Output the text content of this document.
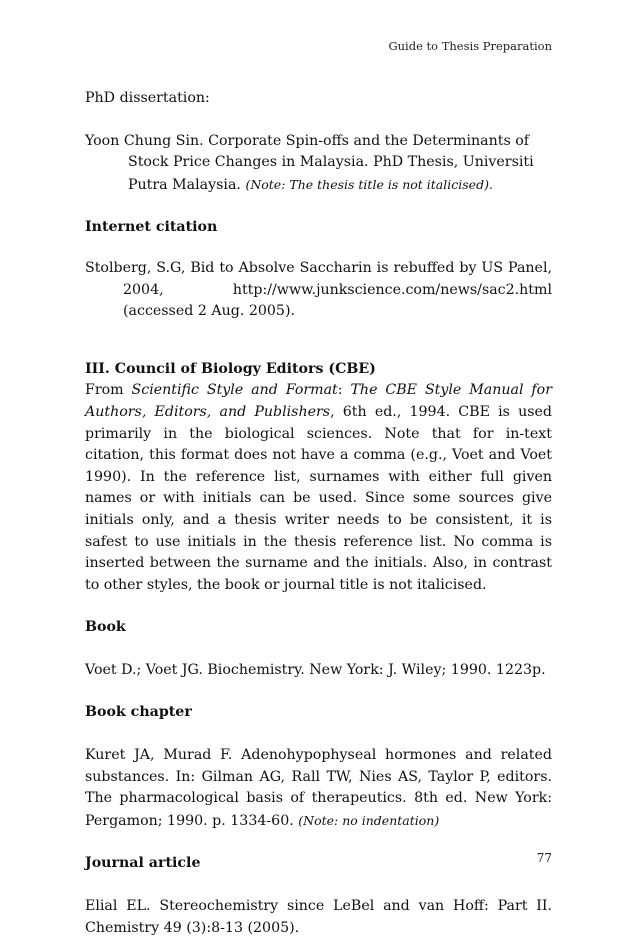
Guide to Thesis Preparation

PhD dissertation:

Yoon Chung Sin. Corporate Spin-offs and the Determinants of Stock Price Changes in Malaysia. PhD Thesis, Universiti Putra Malaysia. (Note: The thesis title is not italicised).

Internet citation

Stolberg, S.G, Bid to Absolve Saccharin is rebuffed by US Panel, 2004, http://www.junkscience.com/news/sac2.html (accessed 2 Aug. 2005).

III. Council of Biology Editors (CBE)

From Scientific Style and Format: The CBE Style Manual for Authors, Editors, and Publishers, 6th ed., 1994. CBE is used primarily in the biological sciences. Note that for in-text citation, this format does not have a comma (e.g., Voet and Voet 1990). In the reference list, surnames with either full given names or with initials can be used. Since some sources give initials only, and a thesis writer needs to be consistent, it is safest to use initials in the thesis reference list. No comma is inserted between the surname and the initials. Also, in contrast to other styles, the book or journal title is not italicised.

Book

Voet D.; Voet JG. Biochemistry. New York: J. Wiley; 1990. 1223p.

Book chapter

Kuret JA, Murad F. Adenohypophyseal hormones and related substances. In: Gilman AG, Rall TW, Nies AS, Taylor P, editors. The pharmacological basis of therapeutics. 8th ed. New York: Pergamon; 1990. p. 1334-60. (Note: no indentation)

Journal article

Elial EL. Stereochemistry since LeBel and van Hoff: Part II. Chemistry 49 (3):8-13 (2005).

77
